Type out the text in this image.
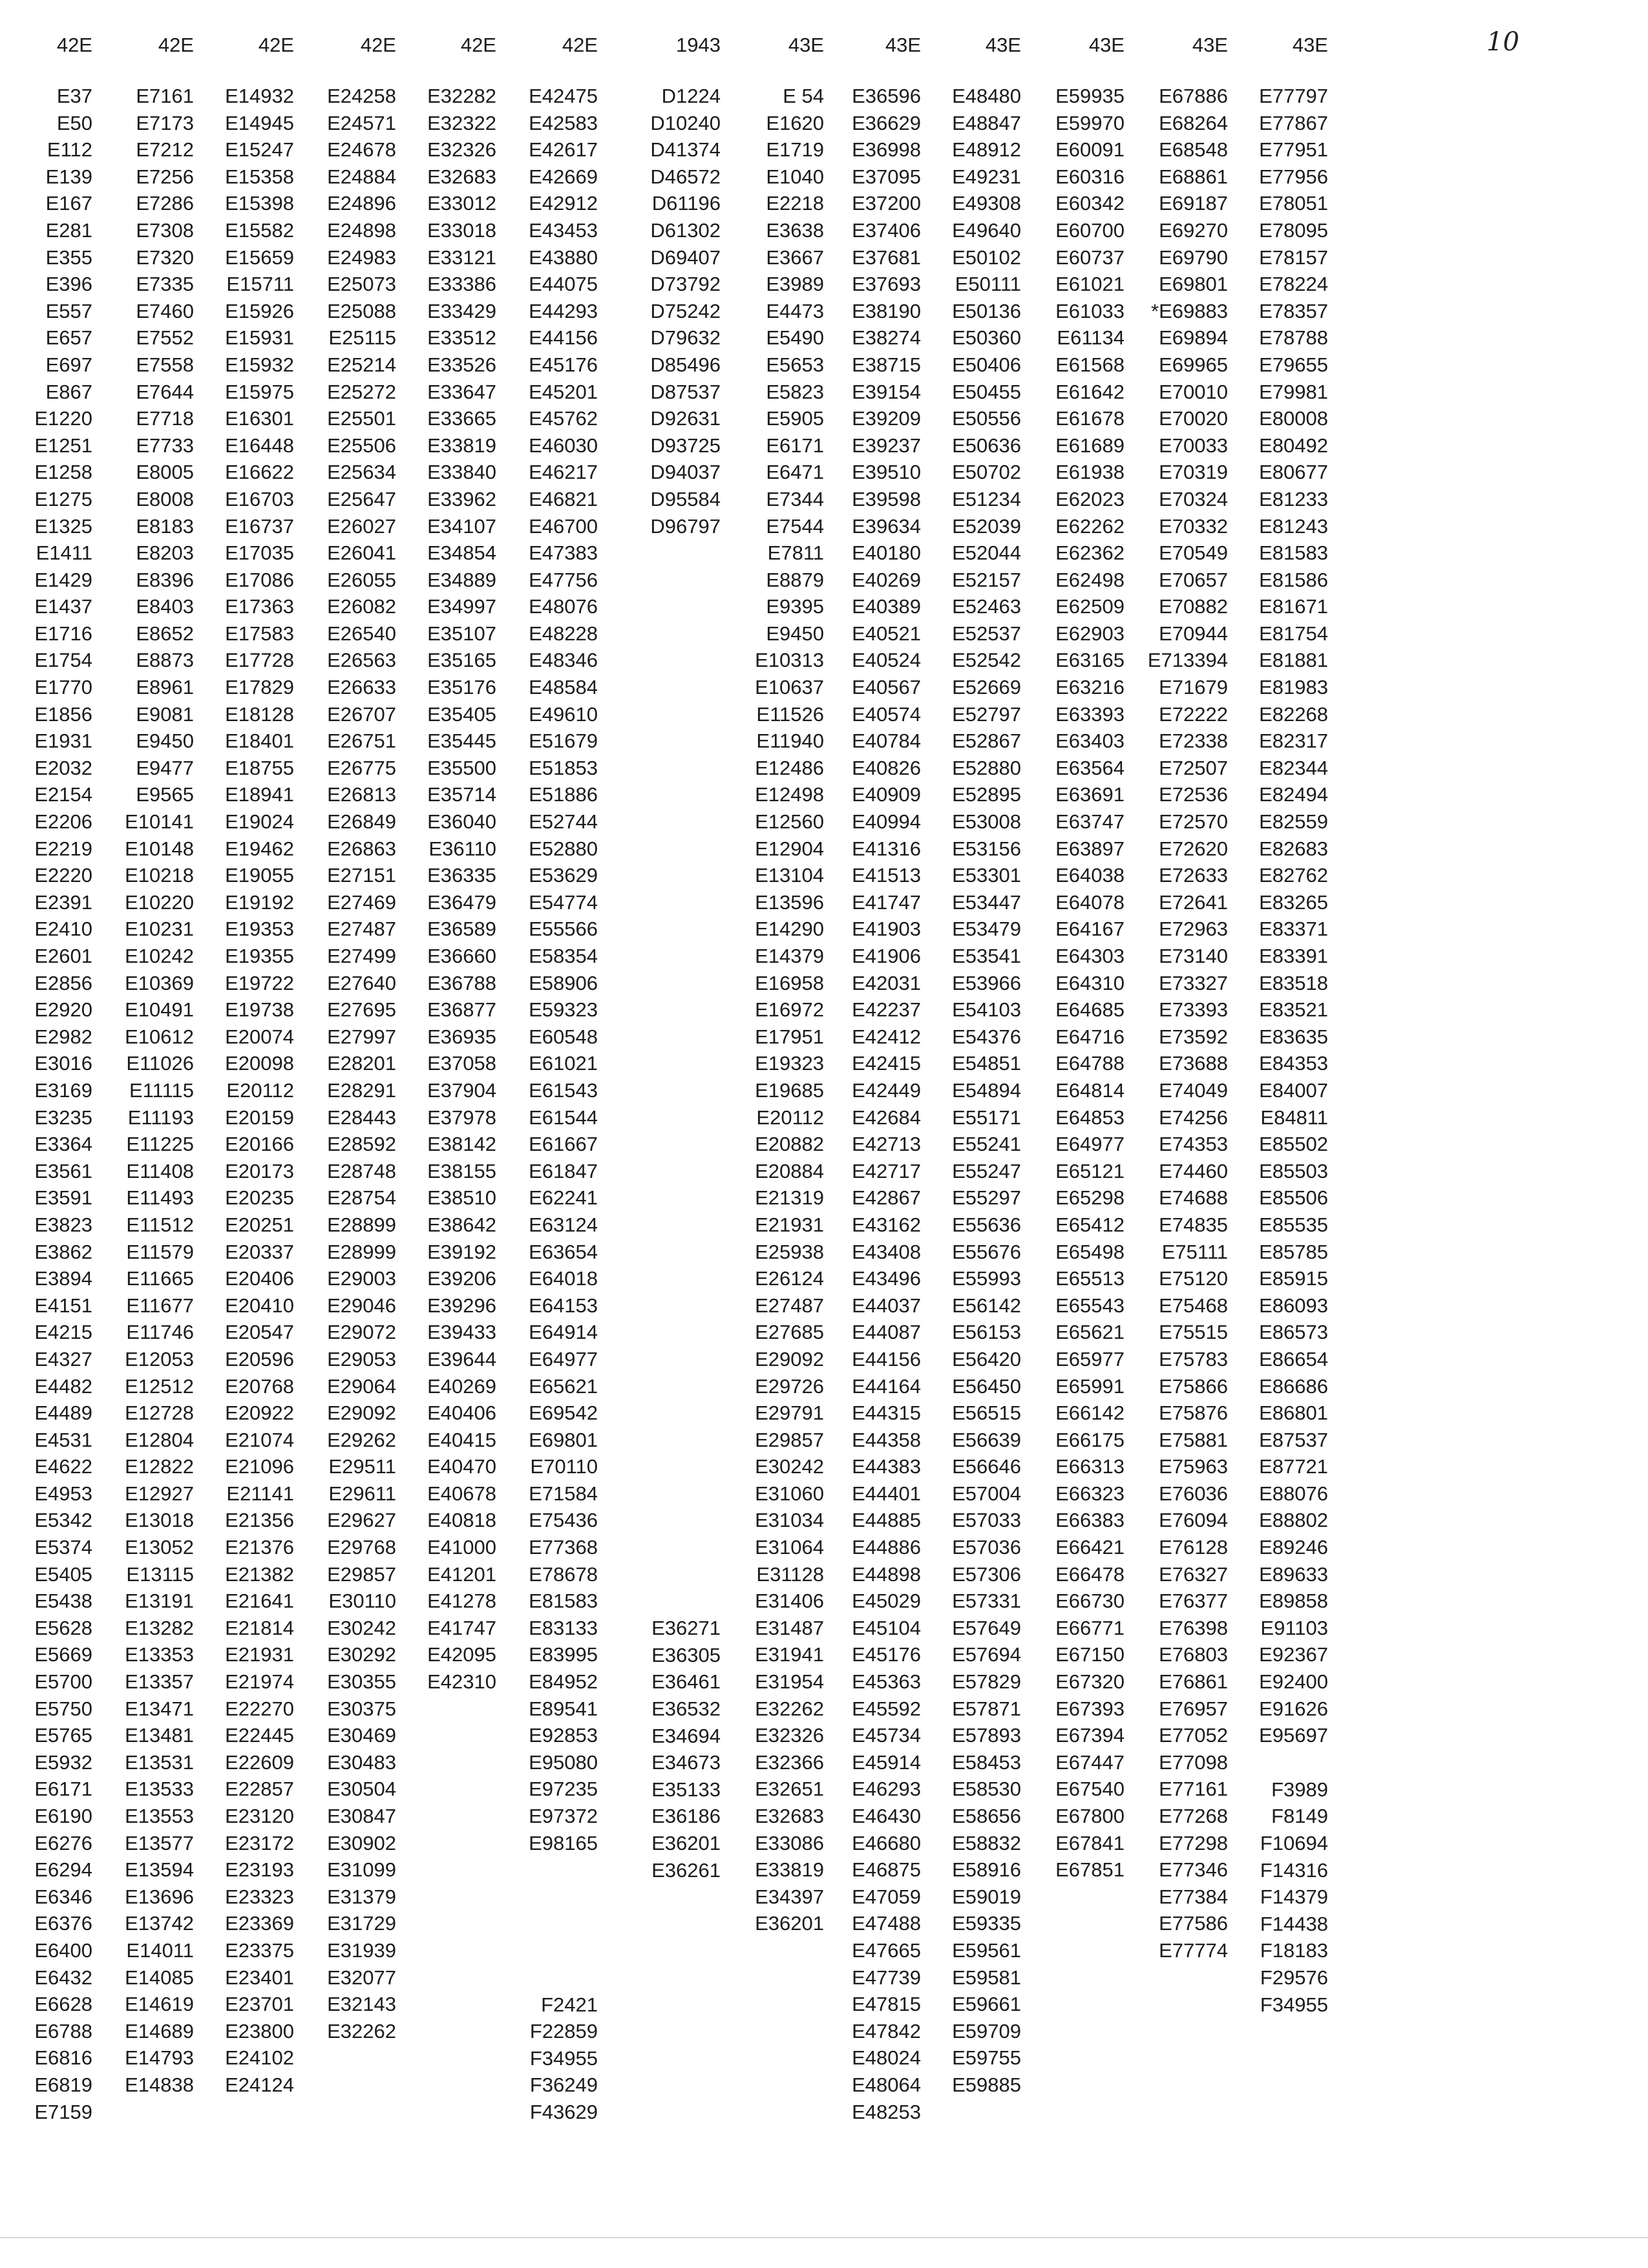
10
42E
E37
E50
E112
E139
E167
E281
E355
E396
E557
E657
E697
E867
E1220
E1251
E1258
E1275
E1325
E1411
E1429
E1437
E1716
E1754
E1770
E1856
E1931
E2032
E2154
E2206
E2219
E2220
E2391
E2410
E2601
E2856
E2920
E2982
E3016
E3169
E3235
E3364
E3561
E3591
E3823
E3862
E3894
E4151
E4215
E4327
E4482
E4489
E4531
E4622
E4953
E5342
E5374
E5405
E5438
E5628
E5669
E5700
E5750
E5765
E5932
E6171
E6190
E6276
E6294
E6346
E6376
E6400
E6432
E6628
E6788
E6816
E6819
E7159
42E
E7161
E7173
E7212
E7256
E7286
E7308
E7320
E7335
E7460
E7552
E7558
E7644
E7718
E7733
E8005
E8008
E8183
E8203
E8396
E8403
E8652
E8873
E8961
E9081
E9450
E9477
E9565
E10141
E10148
E10218
E10220
E10231
E10242
E10369
E10491
E10612
E11026
E11115
E11193
E11225
E11408
E11493
E11512
E11579
E11665
E11677
E11746
E12053
E12512
E12728
E12804
E12822
E12927
E13018
E13052
E13115
E13191
E13282
E13353
E13357
E13471
E13481
E13531
E13533
E13553
E13577
E13594
E13696
E13742
E14011
E14085
E14619
E14689
E14793
E14838
42E
E14932
E14945
E15247
E15358
E15398
E15582
E15659
E15711
E15926
E15931
E15932
E15975
E16301
E16448
E16622
E16703
E16737
E17035
E17086
E17363
E17583
E17728
E17829
E18128
E18401
E18755
E18941
E19024
E19462
E19055
E19192
E19353
E19355
E19722
E19738
E20074
E20098
E20112
E20159
E20166
E20173
E20235
E20251
E20337
E20406
E20410
E20547
E20596
E20768
E20922
E21074
E21096
E21141
E21356
E21376
E21382
E21641
E21814
E21931
E21974
E22270
E22445
E22609
E22857
E23120
E23172
E23193
E23323
E23369
E23375
E23401
E23701
E23800
E24102
E24124
42E
E24258
E24571
E24678
E24884
E24896
E24898
E24983
E25073
E25088
E25115
E25214
E25272
E25501
E25506
E25634
E25647
E26027
E26041
E26055
E26082
E26540
E26563
E26633
E26707
E26751
E26775
E26813
E26849
E26863
E27151
E27469
E27487
E27499
E27640
E27695
E27997
E28201
E28291
E28443
E28592
E28748
E28754
E28899
E28999
E29003
E29046
E29072
E29053
E29064
E29092
E29262
E29511
E29611
E29627
E29768
E29857
E30110
E30242
E30292
E30355
E30375
E30469
E30483
E30504
E30847
E30902
E31099
E31379
E31729
E31939
E32077
E32143
E32262
42E
E32282
E32322
E32326
E32683
E33012
E33018
E33121
E33386
E33429
E33512
E33526
E33647
E33665
E33819
E33840
E33962
E34107
E34854
E34889
E34997
E35107
E35165
E35176
E35405
E35445
E35500
E35714
E36040
E36110
E36335
E36479
E36589
E36660
E36788
E36877
E36935
E37058
E37904
E37978
E38142
E38155
E38510
E38642
E39192
E39206
E39296
E39433
E39644
E40269
E40406
E40415
E40470
E40678
E40818
E41000
E41201
E41278
E41747
E42095
E42310
42E
E42475
E42583
E42617
E42669
E42912
E43453
E43880
E44075
E44293
E44156
E45176
E45201
E45762
E46030
E46217
E46821
E46700
E47383
E47756
E48076
E48228
E48346
E48584
E49610
E51679
E51853
E51886
E52744
E52880
E53629
E54774
E55566
E58354
E58906
E59323
E60548
E61021
E61543
E61544
E61667
E61847
E62241
E63124
E63654
E64018
E64153
E64914
E64977
E65621
E69542
E69801
E70110
E71584
E75436
E77368
E78678
E81583
E83133
E83995
E84952
E89541
E92853
E95080
E97235
E97372
E98165
F2421
F22859
F34955
F36249
F43629
1943
D1224
D10240
D41374
D46572
D61196
D61302
D69407
D73792
D75242
D79632
D85496
D87537
D92631
D93725
D94037
D95584
D96797
E36271
E36305
E36461
E36532
E34694
E34673
E35133
E36186
E36201
E36261
43E
E 54
E1620
E1719
E1040
E2218
E3638
E3667
E3989
E4473
E5490
E5653
E5823
E5905
E6171
E6471
E7344
E7544
E7811
E8879
E9395
E9450
E10313
E10637
E11526
E11940
E12486
E12498
E12560
E12904
E13104
E13596
E14290
E14379
E16958
E16972
E17951
E19323
E19685
E20112
E20882
E20884
E21319
E21931
E25938
E26124
E27487
E27685
E29092
E29726
E29791
E29857
E30242
E31060
E31034
E31064
E31128
E31406
E31487
E31941
E31954
E32262
E32326
E32366
E32651
E32683
E33086
E33819
E34397
E36201
43E
E36596
E36629
E36998
E37095
E37200
E37406
E37681
E37693
E38190
E38274
E38715
E39154
E39209
E39237
E39510
E39598
E39634
E40180
E40269
E40389
E40521
E40524
E40567
E40574
E40784
E40826
E40909
E40994
E41316
E41513
E41747
E41903
E41906
E42031
E42237
E42412
E42415
E42449
E42684
E42713
E42717
E42867
E43162
E43408
E43496
E44037
E44087
E44156
E44164
E44315
E44358
E44383
E44401
E44885
E44886
E44898
E45029
E45104
E45176
E45363
E45592
E45734
E45914
E46293
E46430
E46680
E46875
E47059
E47488
E47665
E47739
E47815
E47842
E48024
E48064
E48253
43E
E48480
E48847
E48912
E49231
E49308
E49640
E50102
E50111
E50136
E50360
E50406
E50455
E50556
E50636
E50702
E51234
E52039
E52044
E52157
E52463
E52537
E52542
E52669
E52797
E52867
E52880
E52895
E53008
E53156
E53301
E53447
E53479
E53541
E53966
E54103
E54376
E54851
E54894
E55171
E55241
E55247
E55297
E55636
E55676
E55993
E56142
E56153
E56420
E56450
E56515
E56639
E56646
E57004
E57033
E57036
E57306
E57331
E57649
E57694
E57829
E57871
E57893
E58453
E58530
E58656
E58832
E58916
E59019
E59335
E59561
E59581
E59661
E59709
E59755
E59885
43E
E59935
E59970
E60091
E60316
E60342
E60700
E60737
E61021
E61033
E61134
E61568
E61642
E61678
E61689
E61938
E62023
E62262
E62362
E62498
E62509
E62903
E63165
E63216
E63393
E63403
E63564
E63691
E63747
E63897
E64038
E64078
E64167
E64303
E64310
E64685
E64716
E64788
E64814
E64853
E64977
E65121
E65298
E65412
E65498
E65513
E65543
E65621
E65977
E65991
E66142
E66175
E66313
E66323
E66383
E66421
E66478
E66730
E66771
E67150
E67320
E67393
E67394
E67447
E67540
E67800
E67841
E67851
43E
E67886
E68264
E68548
E68861
E69187
E69270
E69790
E69801
*E69883
E69894
E69965
E70010
E70020
E70033
E70319
E70324
E70332
E70549
E70657
E70882
E70944
E713394
E71679
E72222
E72338
E72507
E72536
E72570
E72620
E72633
E72641
E72963
E73140
E73327
E73393
E73592
E73688
E74049
E74256
E74353
E74460
E74688
E74835
E75111
E75120
E75468
E75515
E75783
E75866
E75876
E75881
E75963
E76036
E76094
E76128
E76327
E76377
E76398
E76803
E76861
E76957
E77052
E77098
E77161
E77268
E77298
E77346
E77384
E77586
E77774
43E
E77797
E77867
E77951
E77956
E78051
E78095
E78157
E78224
E78357
E78788
E79655
E79981
E80008
E80492
E80677
E81233
E81243
E81583
E81586
E81671
E81754
E81881
E81983
E82268
E82317
E82344
E82494
E82559
E82683
E82762
E83265
E83371
E83391
E83518
E83521
E83635
E84353
E84007
E84811
E85502
E85503
E85506
E85535
E85785
E85915
E86093
E86573
E86654
E86686
E86801
E87537
E87721
E88076
E88802
E89246
E89633
E89858
E91103
E92367
E92400
E91626
E95697
F3989
F8149
F10694
F14316
F14379
F14438
F18183
F29576
F34955
